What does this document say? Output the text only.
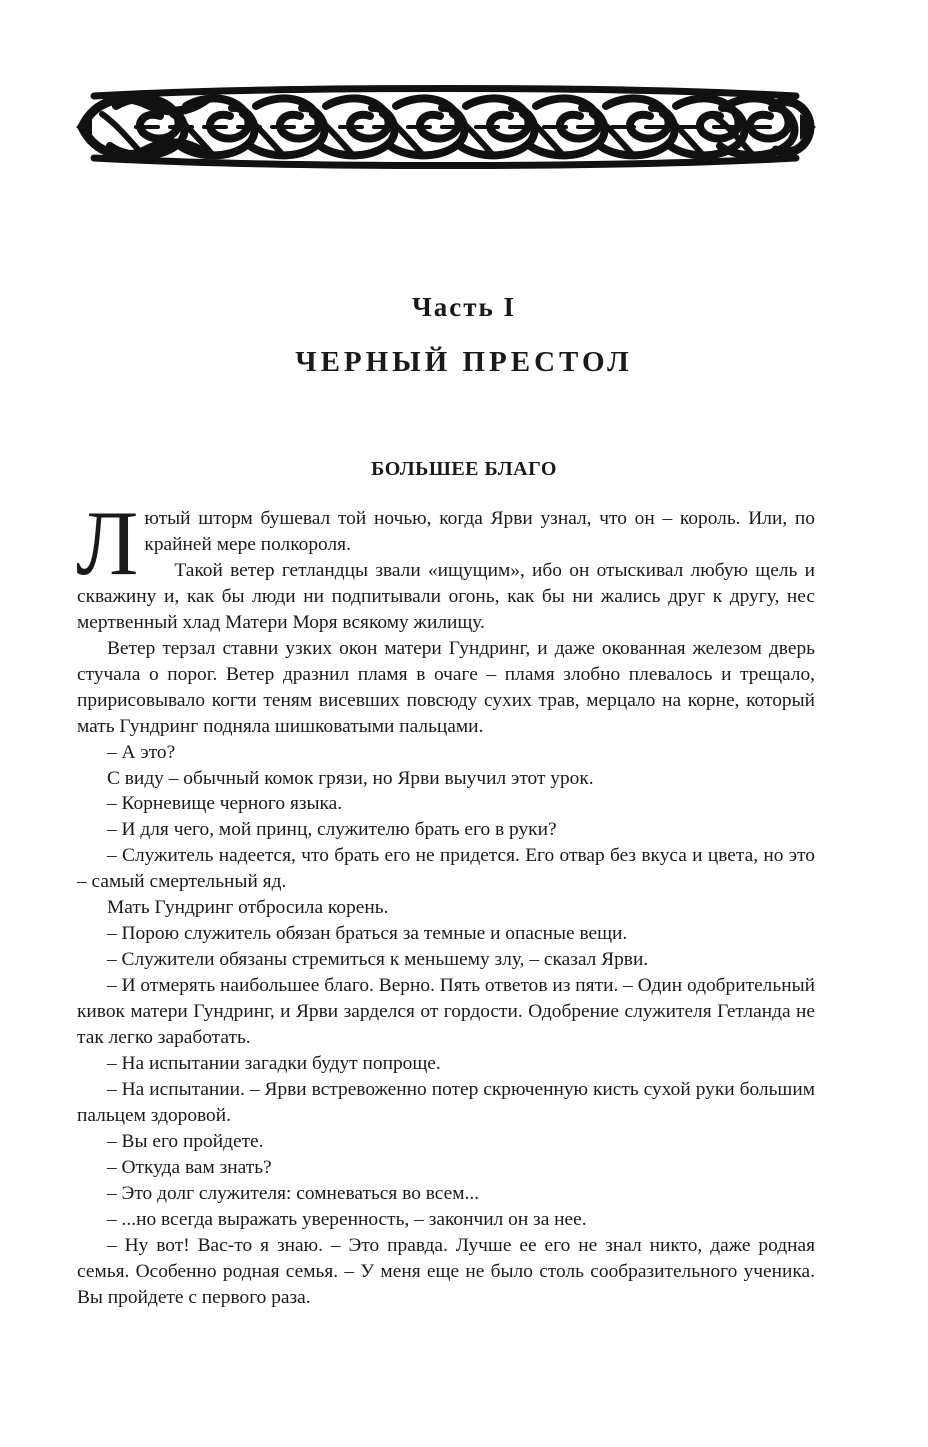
Часть I
ЧЕРНЫЙ ПРЕСТОЛ
БОЛЬШЕЕ БЛАГО

Лютый шторм бушевал той ночью, когда Ярви узнал, что он – король. Или, по крайней мере полкороля.

Такой ветер гетландцы звали «ищущим», ибо он отыскивал любую щель и скважину и, как бы люди ни подпитывали огонь, как бы ни жались друг к другу, нес мертвенный хлад Матери Моря всякому жилищу.

Ветер терзал ставни узких окон матери Гундринг, и даже окованная железом дверь стучала о порог. Ветер дразнил пламя в очаге – пламя злобно плевалось и трещало, пририсовывало когти теням висевших повсюду сухих трав, мерцало на корне, который мать Гундринг подняла шишковатыми пальцами.

– А это?

С виду – обычный комок грязи, но Ярви выучил этот урок.

– Корневище черного языка.

– И для чего, мой принц, служителю брать его в руки?

– Служитель надеется, что брать его не придется. Его отвар без вкуса и цвета, но это – самый смертельный яд.

Мать Гундринг отбросила корень.

– Порою служитель обязан браться за темные и опасные вещи.

– Служители обязаны стремиться к меньшему злу, – сказал Ярви.

– И отмерять наибольшее благо. Верно. Пять ответов из пяти. – Один одобрительный кивок матери Гундринг, и Ярви зарделся от гордости. Одобрение служителя Гетланда не так легко заработать.

– На испытании загадки будут попроще.

– На испытании. – Ярви встревоженно потер скрюченную кисть сухой руки большим пальцем здоровой.

– Вы его пройдете.

– Откуда вам знать?

– Это долг служителя: сомневаться во всем...

– ...но всегда выражать уверенность, – закончил он за нее.

– Ну вот! Вас-то я знаю. – Это правда. Лучше ее его не знал никто, даже родная семья. Особенно родная семья. – У меня еще не было столь сообразительного ученика. Вы пройдете с первого раза.
